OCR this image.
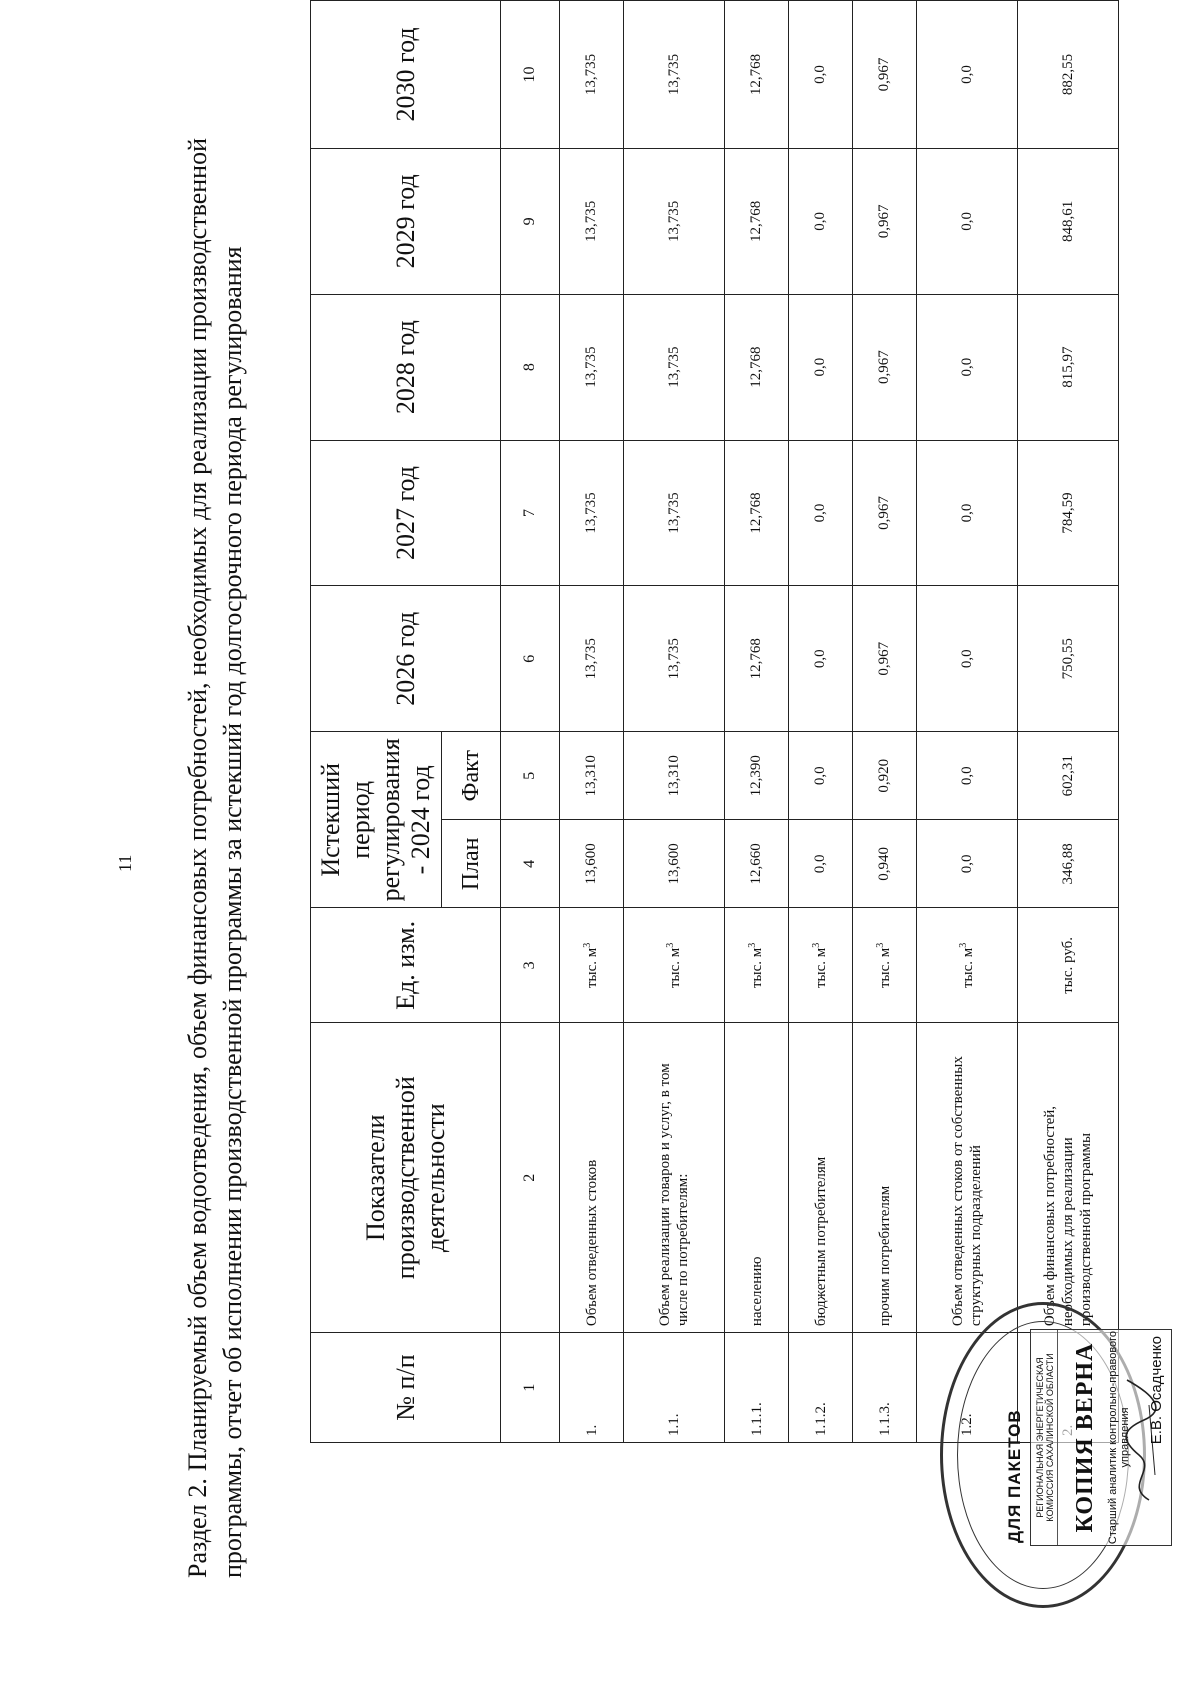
11 Раздел 2. Планируемый объем водоотведения, объем финансовых потребностей, необходимых для реализации производственной программы, отчет об исполнении производственной программы за истекший год долгосрочного периода регулирования	№ п/п	Показатели производственной деятельности	Ед. изм.	Истекший период регулирования - 2024 год		2026 год	2027 год	2028 год	2029 год	2030 год
			План	Факт					
1	2	3	4	5	6	7	8	9	10
1.	Объем отведенных стоков	тыс. $м^3$	13,600	13,310	13,735	13,735	13,735	13,735	13,735
1.1.	Объем реализации товаров и услуг, в том числе по потребителям:	тыс. $м^3$	13,600	13,310	13,735	13,735	13,735	13,735	13,735
1.1.1.	населению	тыс. $м^3$	12,660	12,390	12,768	12,768	12,768	12,768	12,768
1.1.2.	бюджетным потребителям	тыс. $м^3$	0,0	0,0	0,0	0,0	0,0	0,0	0,0
1.1.3.	прочим потребителям	тыс. $м^3$	0,940	0,920	0,967	0,967	0,967	0,967	0,967
1.2.	Объем отведенных стоков от собственных структурных подразделений	тыс. $м^3$	0,0	0,0	0,0	0,0	0,0	0,0	0,0
	Объем финансовых потребностей, необходимых для реализации производственной программы	тыс. руб.	346,88	602,31	750,55	784,59	815,97	848,61	882,55
ДЛЯ ПАКЕТОВ	РЕГИОНАЛЬНАЯ ЭНЕРГЕТИЧЕСКАЯ КОМИССИЯ САХАЛИНСКОЙ ОБЛАСТИ КОПИЯ ВЕРНА Старший аналитик контрольно-правового управления Е.В. Осадченко
